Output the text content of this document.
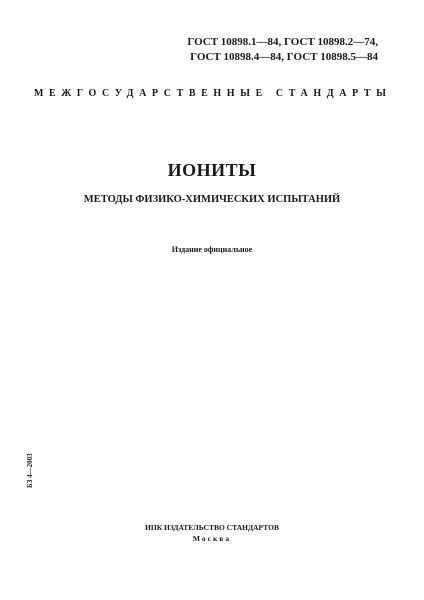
ГОСТ 10898.1—84, ГОСТ 10898.2—74,
ГОСТ 10898.4—84, ГОСТ 10898.5—84
МЕЖГОСУДАРСТВЕННЫЕ СТАНДАРТЫ
ИОНИТЫ
МЕТОДЫ ФИЗИКО-ХИМИЧЕСКИХ ИСПЫТАНИЙ
Издание официальное
БЗ 4—2003
ИПК ИЗДАТЕЛЬСТВО СТАНДАРТОВ
Москва
